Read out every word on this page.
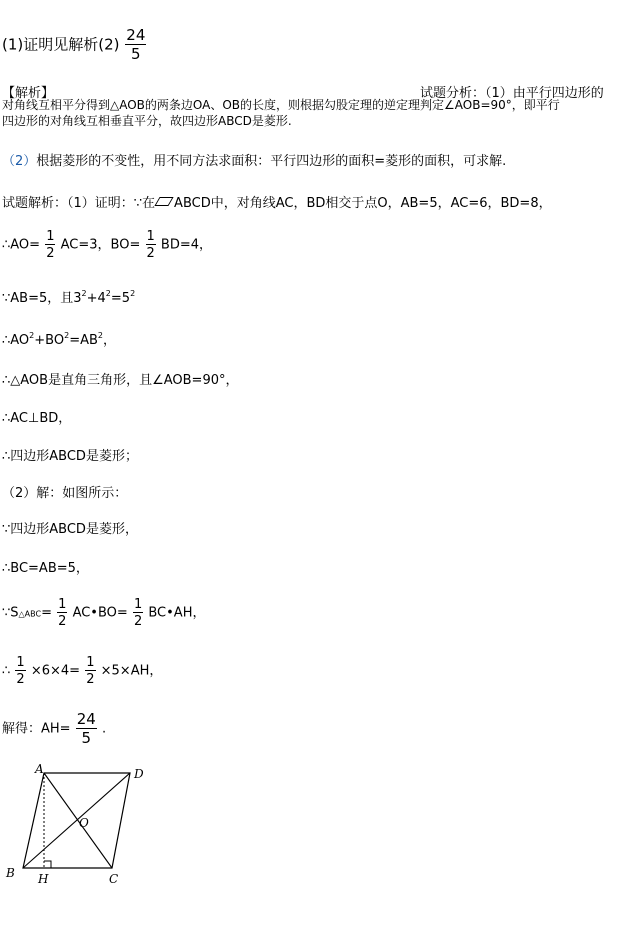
(1)证明见解析$(2) \frac{24}{5}$
【解析】	试题分析：（1）由平行四边形的
对角线互相平分得到△AOB的两条边OA、OB的长度，则根据勾股定理的逆定理判定∠AOB=90°，即平行
四边形的对角线互相垂直平分，故四边形ABCD是菱形.
（2）根据菱形的不变性，用不同方法求面积：平行四边形的面积=菱形的面积，可求解.
试题解析：（1）证明：∵在 ABCD中，对角线AC，BD相交于点O，AB=5，AC=6，BD=8，
∴AO= $\frac{1}{2} AC=3$，$BO= \frac{1}{2} BD=4$，
∵AB=5，且$3^2+4^2=5^2$
$\therefore AO^2+BO^2=AB^2$，
∴△AOB是直角三角形，且∠AOB=90°，
∴AC⊥BD，
∴四边形ABCD是菱形；
（2）解：如图所示：
∵四边形ABCD是菱形，
∴BC=AB=5，
∵S△ABC= $\frac{1}{2}$ AC•BO= $\frac{1}{2}$ BC•AH，
∴ $\frac{1}{2} \times 6\times 4= \frac{1}{2} \times 5\times AH$，
解得：$AH= \frac{24}{5}$ .
A	D
B	C
O
H
